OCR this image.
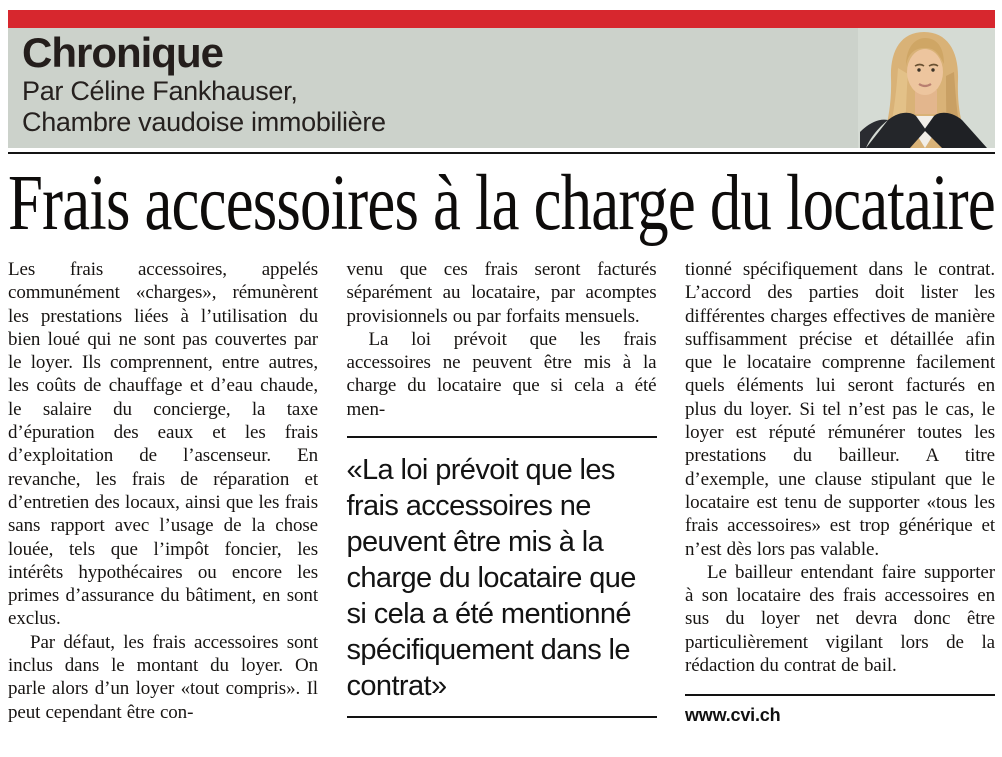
Chronique

Par Céline Fankhauser,

Chambre vaudoise immobilière

Frais accessoires à la charge du locataire

Les frais accessoires, appelés communément «charges», rémunèrent les prestations liées à l’utilisation du bien loué qui ne sont pas couvertes par le loyer. Ils comprennent, entre autres, les coûts de chauffage et d’eau chaude, le salaire du concierge, la taxe d’épuration des eaux et les frais d’exploitation de l’ascenseur. En revanche, les frais de réparation et d’entretien des locaux, ainsi que les frais sans rapport avec l’usage de la chose louée, tels que l’impôt foncier, les intérêts hypothécaires ou encore les primes d’assurance du bâtiment, en sont exclus.

Par défaut, les frais accessoires sont inclus dans le montant du loyer. On parle alors d’un loyer «tout compris». Il peut cependant être con-

venu que ces frais seront facturés séparément au locataire, par acomptes provisionnels ou par forfaits mensuels.

La loi prévoit que les frais accessoires ne peuvent être mis à la charge du locataire que si cela a été men-

«La loi prévoit que les frais accessoires ne peuvent être mis à la charge du locataire que si cela a été mentionné spécifiquement dans le contrat»

tionné spécifiquement dans le contrat. L’accord des parties doit lister les différentes charges effectives de manière suffisamment précise et détaillée afin que le locataire comprenne facilement quels éléments lui seront facturés en plus du loyer. Si tel n’est pas le cas, le loyer est réputé rémunérer toutes les prestations du bailleur. A titre d’exemple, une clause stipulant que le locataire est tenu de supporter «tous les frais accessoires» est trop générique et n’est dès lors pas valable.

Le bailleur entendant faire supporter à son locataire des frais accessoires en sus du loyer net devra donc être particulièrement vigilant lors de la rédaction du contrat de bail.

www.cvi.ch
